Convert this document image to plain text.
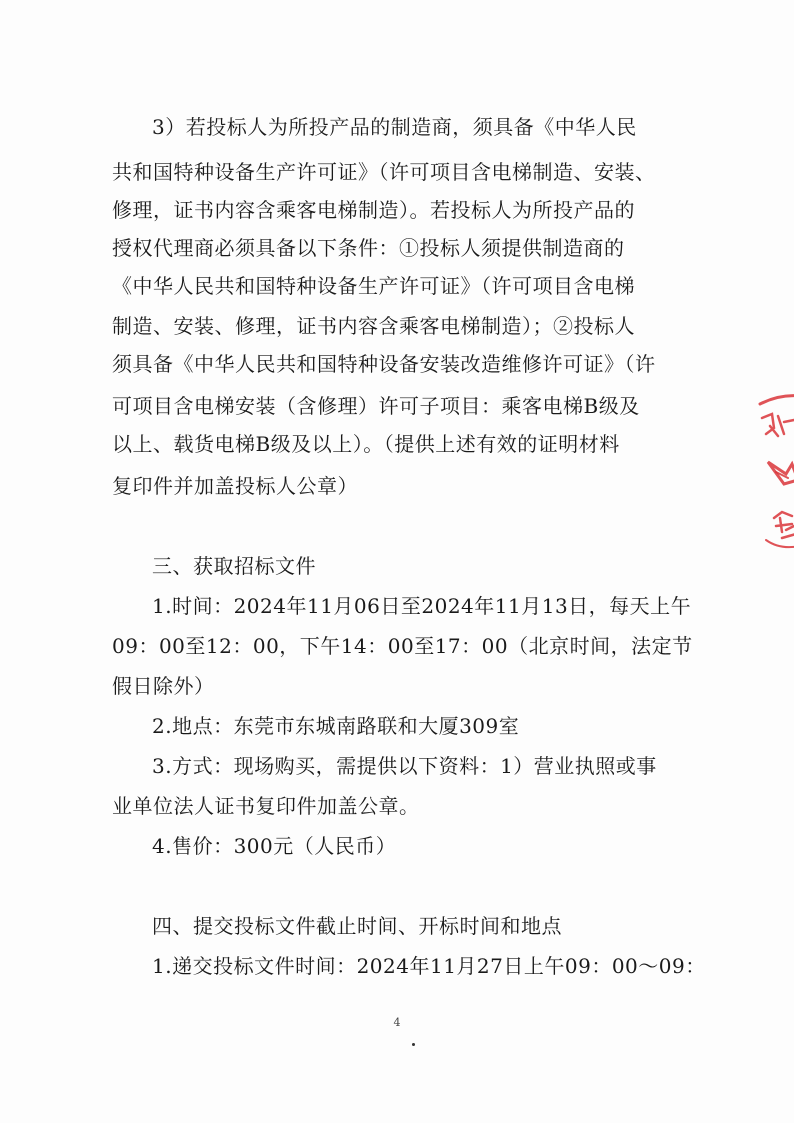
3）若投标人为所投产品的制造商，须具备《中华人民
共和国特种设备生产许可证》（许可项目含电梯制造、安装、
修理，证书内容含乘客电梯制造）。若投标人为所投产品的
授权代理商必须具备以下条件：①投标人须提供制造商的
《中华人民共和国特种设备生产许可证》（许可项目含电梯
制造、安装、修理，证书内容含乘客电梯制造）；②投标人
须具备《中华人民共和国特种设备安装改造维修许可证》（许
可项目含电梯安装（含修理）许可子项目：乘客电梯B级及
以上、载货电梯B级及以上）。（提供上述有效的证明材料
复印件并加盖投标人公章）
三、获取招标文件
1.时间：2024年11月06日至2024年11月13日，每天上午
09：00至12：00，下午14：00至17：00（北京时间，法定节
假日除外）
2.地点：东莞市东城南路联和大厦309室
3.方式：现场购买，需提供以下资料：1）营业执照或事
业单位法人证书复印件加盖公章。
4.售价：300元（人民币）
四、提交投标文件截止时间、开标时间和地点
1.递交投标文件时间：2024年11月27日上午09：00～09：
4
